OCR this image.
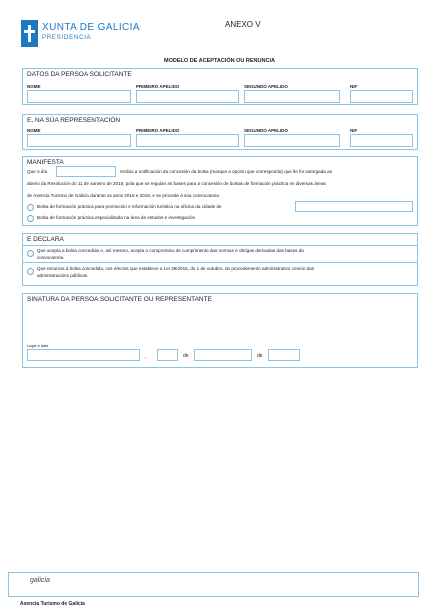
XUNTA DE GALICIA
PRESIDENCIA
ANEXO V
MODELO DE ACEPTACIÓN OU RENUNCIA
DATOS DA PERSOA SOLICITANTE
NOME	PRIMEIRO APELIDO	SEGUNDO APELIDO	NIF
E, NA SÚA REPRESENTACIÓN
NOME	PRIMEIRO APELIDO	SEGUNDO APELIDO	NIF
MANIFESTA
Que o día	recibiu a notificación da concesión da bolsa (marque a opción que corresponda) que lle foi outorgada ao
abeiro da Resolución do 11 de xaneiro de 2018, pola que se regulan as bases para a concesión de bolsas de formación práctica en diversas áreas
de Axencia Turismo de Galicia durante os anos 2018 e 2019, e se procede á súa convocatoria.
Bolsa de formación práctica para promoción e información turística na oficina da cidade de
Bolsa de formación práctica especializada na área de estudos e investigación
E DECLARA
Que acepta a bolsa concedida e, así mesmo, acepta o compromiso de cumprimento das normas e obrigas derivadas das bases da
convocatoria.
Que renuncia á bolsa concedida, cos efectos que establece a Lei 39/2015, do 1 de outubro, do procedemento administrativo común das
administracións públicas.
SINATURA DA PERSOA SOLICITANTE OU REPRESENTANTE
Lugar e data
,	de	de
galicia
Axencia Turismo de Galicia
